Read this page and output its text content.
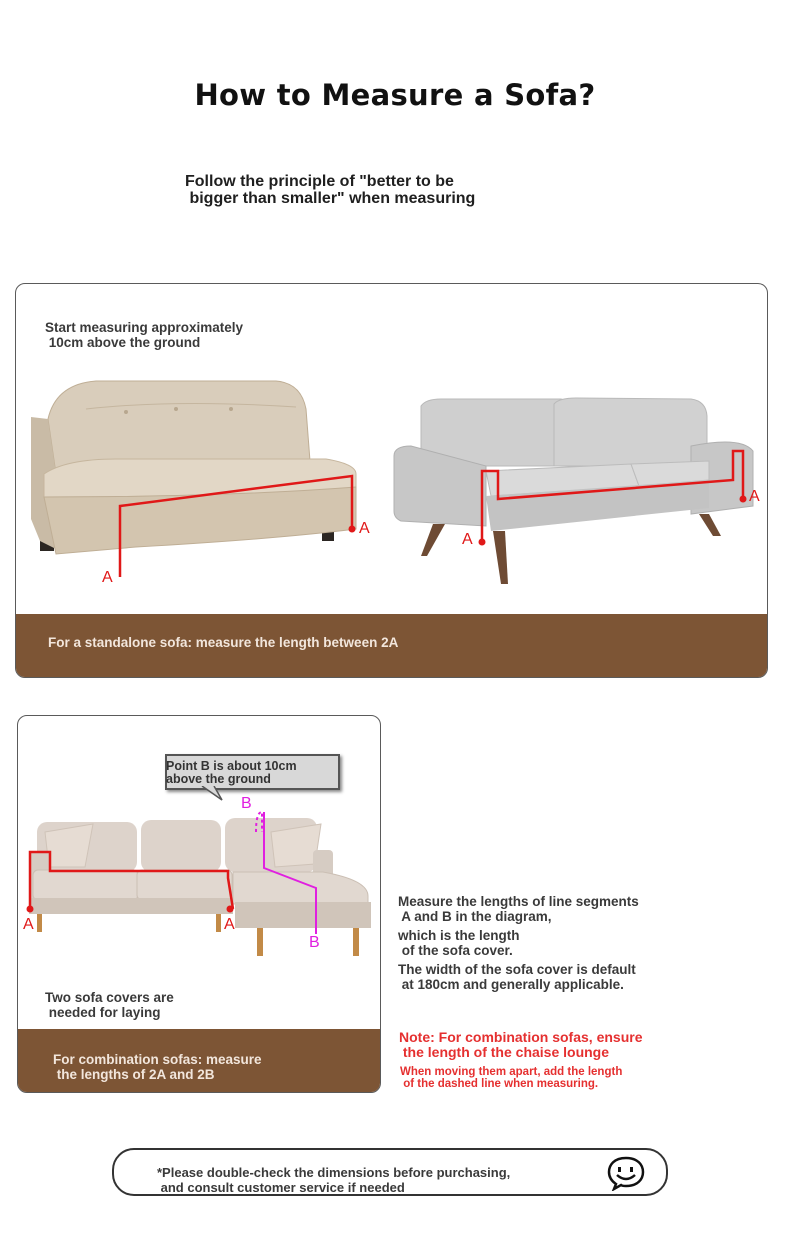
How to Measure a Sofa?
Follow the principle of "better to be
bigger than smaller" when measuring
Start measuring approximately
10cm above the ground
A
A
A
A
For a standalone sofa: measure the length between 2A
Point B is about 10cm
above the ground
A	A
B
B
Two sofa covers are
needed for laying
For combination sofas: measure
the lengths of 2A and 2B
Measure the lengths of line segments
A and B in the diagram,
which is the length
of the sofa cover.
The width of the sofa cover is default
at 180cm and generally applicable.
Note: For combination sofas, ensure
the length of the chaise lounge
When moving them apart, add the length
of the dashed line when measuring.
*Please double-check the dimensions before purchasing,
and consult customer service if needed
